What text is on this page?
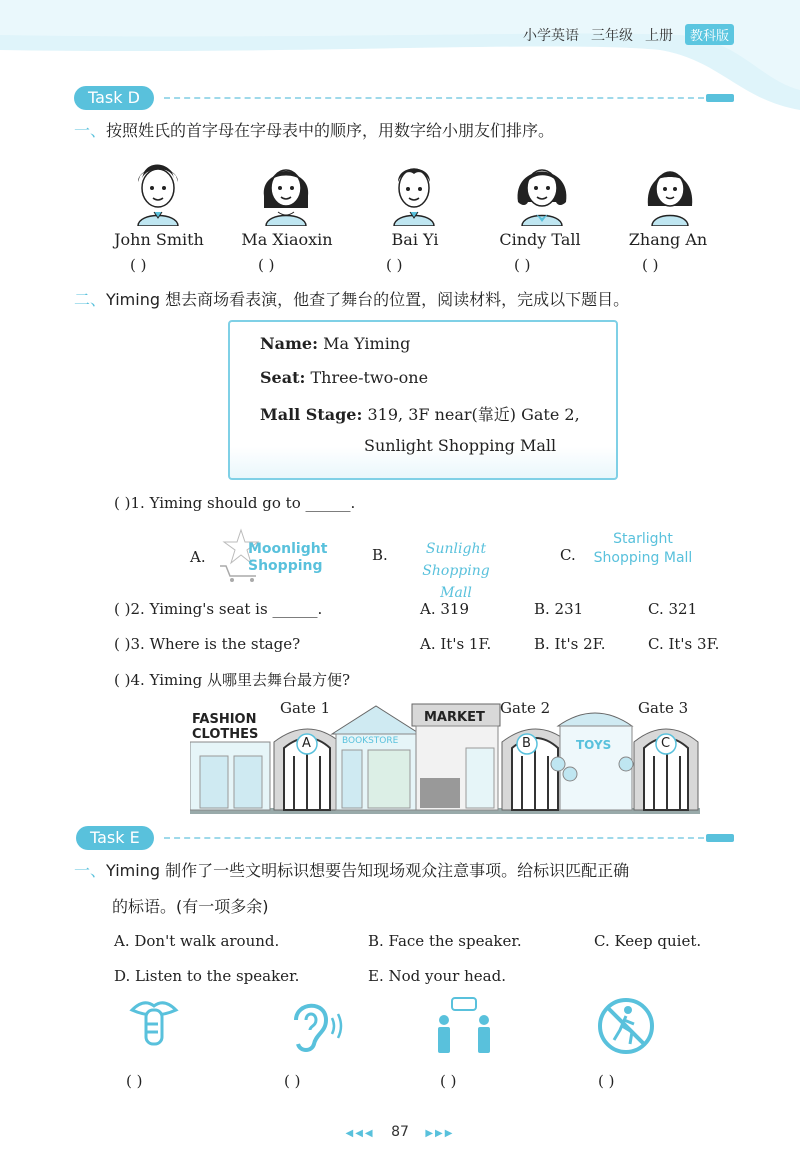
小学英语 三年级 上册	教科版
Task D
一、按照姓氏的首字母在字母表中的顺序，用数字给小朋友们排序。
John Smith	Ma Xiaoxin	Bai Yi	Cindy Tall	Zhang An
( )	( )	( )	( )	( )
二、Yiming 想去商场看表演，他查了舞台的位置，阅读材料，完成以下题目。
Name: Ma Yiming
Seat: Three-two-one
Mall Stage: 319, 3F near(靠近) Gate 2,
Sunlight Shopping Mall
( )1. Yiming should go to ______.
A.	Moonlight
Shopping
B.	Sunlight Shopping
Mall
C.
Starlight
Shopping Mall
( )2. Yiming's seat is ______.	A. 319	B. 231	C. 321
( )3. Where is the stage?	A. It's 1F.	B. It's 2F.	C. It's 3F.
( )4. Yiming 从哪里去舞台最方便?
FASHION
CLOTHES	BOOKSTORE
MARKET
TOYS
Gate 1	Gate 2	Gate 3
A	B	C
Task E
一、Yiming 制作了一些文明标识想要告知现场观众注意事项。给标识匹配正确
的标语。(有一项多余)
A. Don't walk around.	B. Face the speaker.	C. Keep quiet.
D. Listen to the speaker.	E. Nod your head.
( )	( )	( )	( )
◀◀◀ 87 ▶▶▶
